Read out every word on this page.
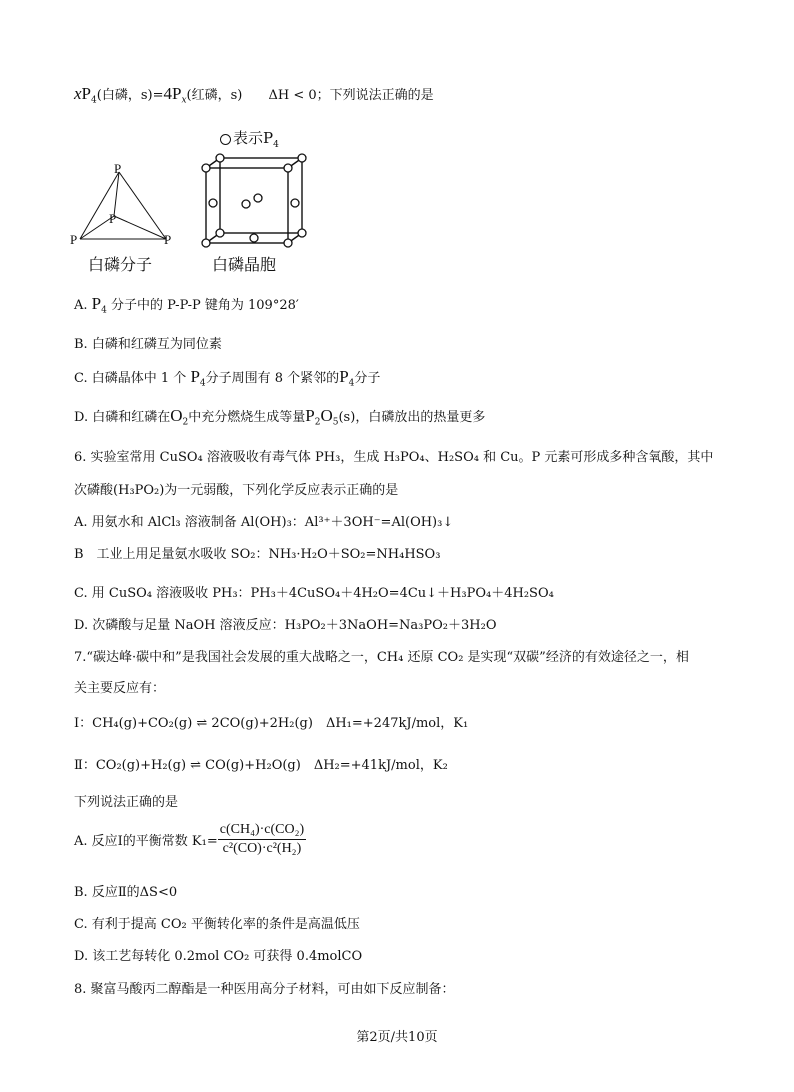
$xP_4$(白磷，$s)=4P_x$(红磷，s) ΔH < 0；下列说法正确的是
P
P
P	P
白磷分子
表示$P_4$
白磷晶胞
A. $P_4$ 分子中的 P-P-P 键角为 109°28′
B. 白磷和红磷互为同位素
C. 白磷晶体中 1 个 $P_4$分子周围有 8 个紧邻的$P_4$分子
D. 白磷和红磷在$O_2$中充分燃烧生成等量$P_2O_5(s)$，白磷放出的热量更多
6. 实验室常用 CuSO₄ 溶液吸收有毒气体 PH₃，生成 H₃PO₄、H₂SO₄ 和 Cu。P 元素可形成多种含氧酸，其中
次磷酸(H₃PO₂)为一元弱酸，下列化学反应表示正确的是
A. 用氨水和 AlCl₃ 溶液制备 Al(OH)₃：Al³⁺＋3OH⁻=Al(OH)₃↓
B　工业上用足量氨水吸收 SO₂：NH₃·H₂O＋SO₂=NH₄HSO₃
C. 用 CuSO₄ 溶液吸收 PH₃：PH₃＋4CuSO₄＋4H₂O=4Cu↓＋H₃PO₄＋4H₂SO₄
D. 次磷酸与足量 NaOH 溶液反应：H₃PO₂＋3NaOH=Na₃PO₂＋3H₂O
7.“碳达峰·碳中和”是我国社会发展的重大战略之一，CH₄ 还原 CO₂ 是实现“双碳”经济的有效途径之一，相
关主要反应有：
Ⅰ：CH₄(g)+CO₂(g) ⇌ 2CO(g)+2H₂(g)　ΔH₁=+247kJ/mol，K₁
Ⅱ：CO₂(g)+H₂(g) ⇌ CO(g)+H₂O(g)　ΔH₂=+41kJ/mol，K₂
下列说法正确的是
A. 反应Ⅰ的平衡常数 $K_1= \frac{\text{c(CH₄)·c(CO₂)}}{\text{c²(CO)·c²(H₂)}}$
B. 反应Ⅱ的ΔS<0
C. 有利于提高 CO₂ 平衡转化率的条件是高温低压
D. 该工艺每转化 0.2mol CO₂ 可获得 0.4molCO
8. 聚富马酸丙二醇酯是一种医用高分子材料，可由如下反应制备：
第2页/共10页
